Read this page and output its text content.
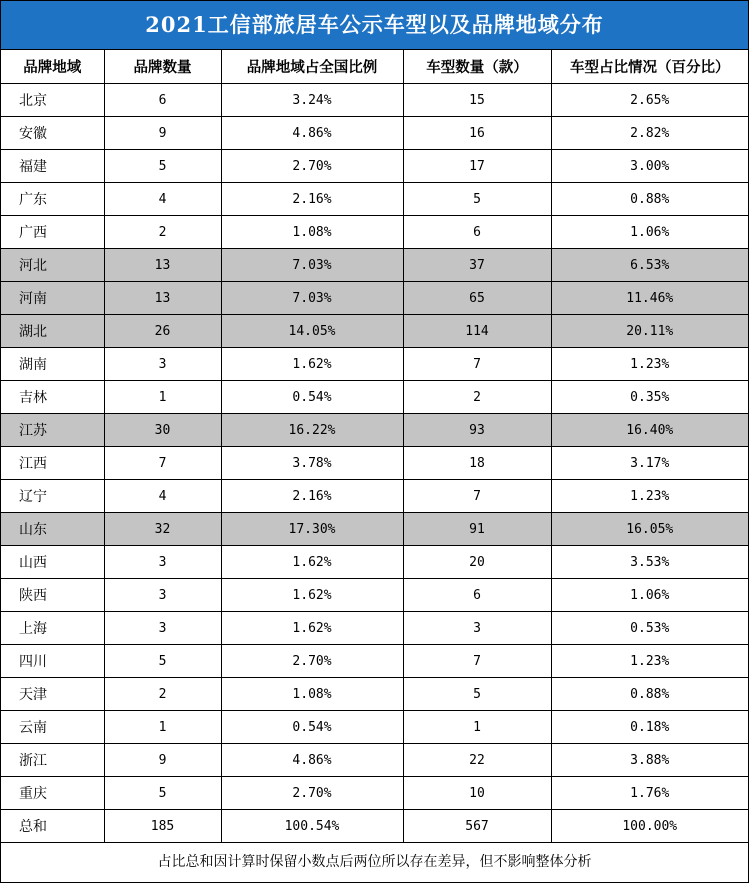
2021工信部旅居车公示车型以及品牌地域分布
品牌地域	品牌数量	品牌地域占全国比例	车型数量（款）	车型占比情况（百分比）
北京	6	3.24%	15	2.65%
安徽	9	4.86%	16	2.82%
福建	5	2.70%	17	3.00%
广东	4	2.16%	5	0.88%
广西	2	1.08%	6	1.06%
河北	13	7.03%	37	6.53%
河南	13	7.03%	65	11.46%
湖北	26	14.05%	114	20.11%
湖南	3	1.62%	7	1.23%
吉林	1	0.54%	2	0.35%
江苏	30	16.22%	93	16.40%
江西	7	3.78%	18	3.17%
辽宁	4	2.16%	7	1.23%
山东	32	17.30%	91	16.05%
山西	3	1.62%	20	3.53%
陕西	3	1.62%	6	1.06%
上海	3	1.62%	3	0.53%
四川	5	2.70%	7	1.23%
天津	2	1.08%	5	0.88%
云南	1	0.54%	1	0.18%
浙江	9	4.86%	22	3.88%
重庆	5	2.70%	10	1.76%
总和	185	100.54%	567	100.00%
占比总和因计算时保留小数点后两位所以存在差异，但不影响整体分析
